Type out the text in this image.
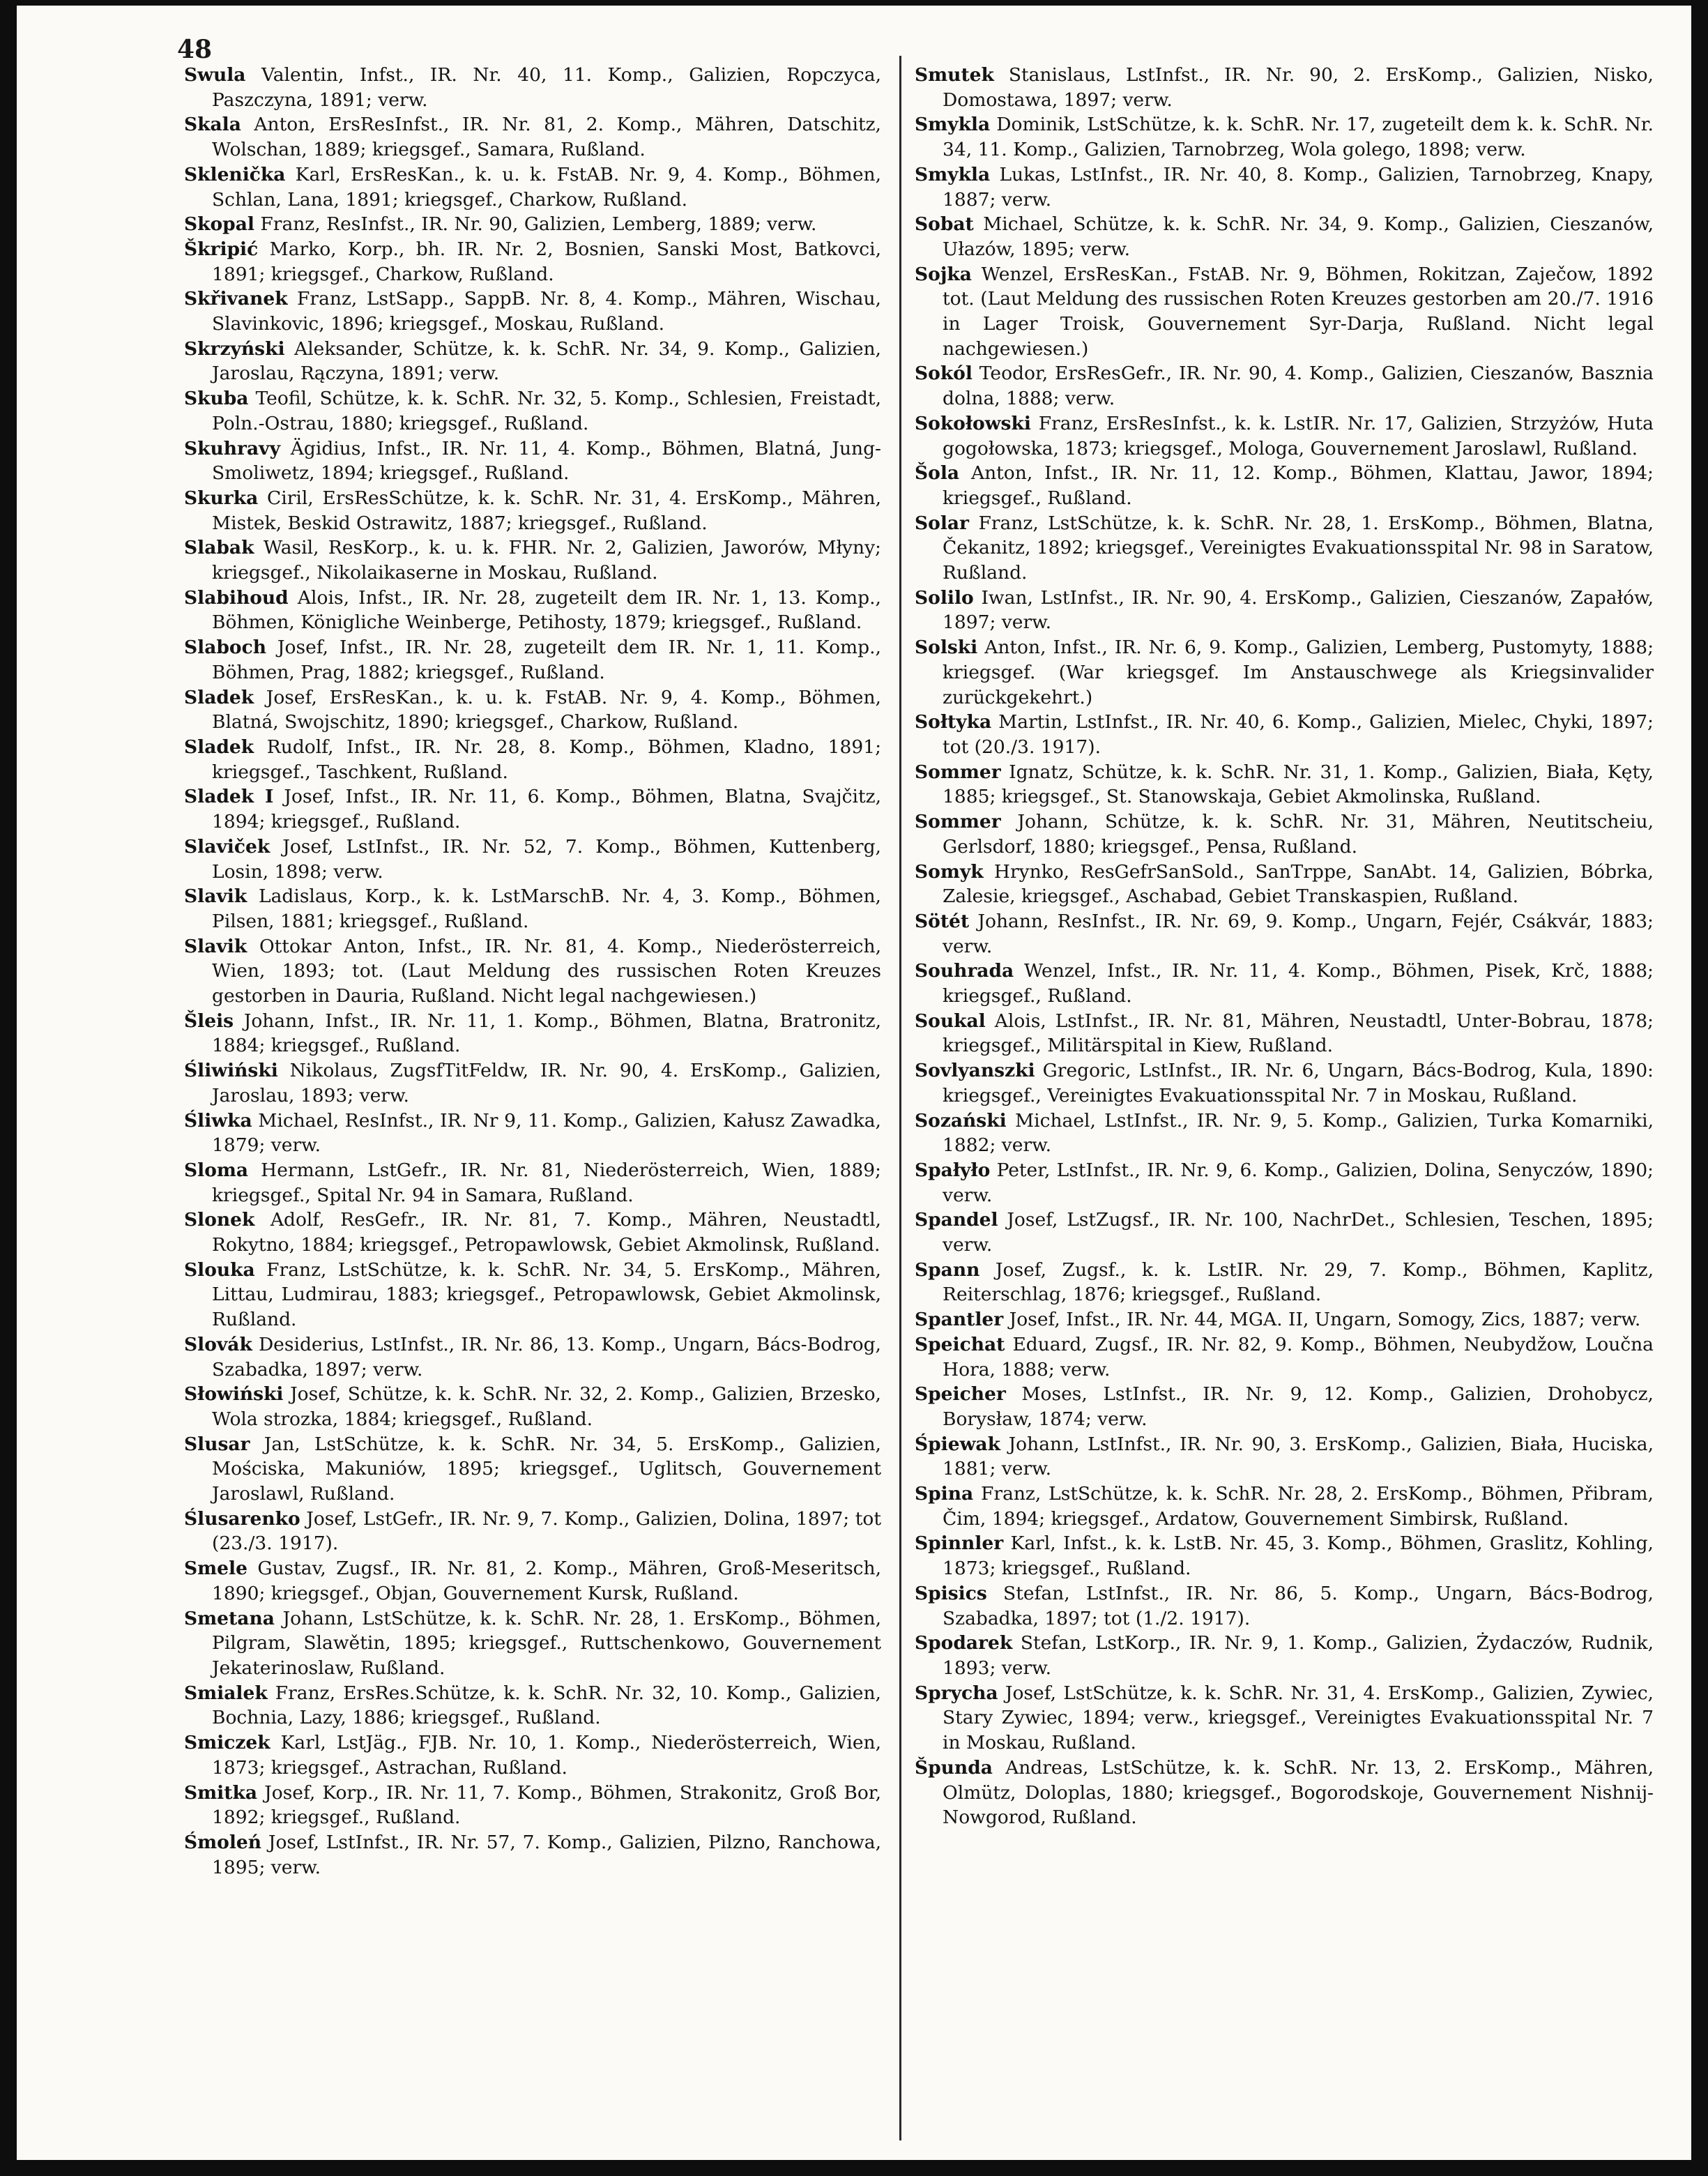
48
Swula Valentin, Infst., IR. Nr. 40, 11. Komp., Galizien, Ropczyca, Paszczyna, 1891; verw.
Skala Anton, ErsResInfst., IR. Nr. 81, 2. Komp., Mähren, Datschitz, Wolschan, 1889; kriegsgef., Samara, Rußland.
Sklenička Karl, ErsResKan., k. u. k. FstAB. Nr. 9, 4. Komp., Böhmen, Schlan, Lana, 1891; kriegsgef., Charkow, Rußland.
Skopal Franz, ResInfst., IR. Nr. 90, Galizien, Lemberg, 1889; verw.
Škripić Marko, Korp., bh. IR. Nr. 2, Bosnien, Sanski Most, Batkovci, 1891; kriegsgef., Charkow, Rußland.
Skřivanek Franz, LstSapp., SappB. Nr. 8, 4. Komp., Mähren, Wischau, Slavinkovic, 1896; kriegsgef., Moskau, Rußland.
Skrzyński Aleksander, Schütze, k. k. SchR. Nr. 34, 9. Komp., Galizien, Jaroslau, Rączyna, 1891; verw.
Skuba Teofil, Schütze, k. k. SchR. Nr. 32, 5. Komp., Schlesien, Freistadt, Poln.-Ostrau, 1880; kriegsgef., Rußland.
Skuhravy Ägidius, Infst., IR. Nr. 11, 4. Komp., Böhmen, Blatná, Jung-Smoliwetz, 1894; kriegsgef., Rußland.
Skurka Ciril, ErsResSchütze, k. k. SchR. Nr. 31, 4. ErsKomp., Mähren, Mistek, Beskid Ostrawitz, 1887; kriegsgef., Rußland.
Slabak Wasil, ResKorp., k. u. k. FHR. Nr. 2, Galizien, Jaworów, Młyny; kriegsgef., Nikolaikaserne in Moskau, Rußland.
Slabihoud Alois, Infst., IR. Nr. 28, zugeteilt dem IR. Nr. 1, 13. Komp., Böhmen, Königliche Weinberge, Petihosty, 1879; kriegsgef., Rußland.
Slaboch Josef, Infst., IR. Nr. 28, zugeteilt dem IR. Nr. 1, 11. Komp., Böhmen, Prag, 1882; kriegsgef., Rußland.
Sladek Josef, ErsResKan., k. u. k. FstAB. Nr. 9, 4. Komp., Böhmen, Blatná, Swojschitz, 1890; kriegsgef., Charkow, Rußland.
Sladek Rudolf, Infst., IR. Nr. 28, 8. Komp., Böhmen, Kladno, 1891; kriegsgef., Taschkent, Rußland.
Sladek I Josef, Infst., IR. Nr. 11, 6. Komp., Böhmen, Blatna, Svajčitz, 1894; kriegsgef., Rußland.
Slaviček Josef, LstInfst., IR. Nr. 52, 7. Komp., Böhmen, Kuttenberg, Losin, 1898; verw.
Slavik Ladislaus, Korp., k. k. LstMarschB. Nr. 4, 3. Komp., Böhmen, Pilsen, 1881; kriegsgef., Rußland.
Slavik Ottokar Anton, Infst., IR. Nr. 81, 4. Komp., Niederösterreich, Wien, 1893; tot. (Laut Meldung des russischen Roten Kreuzes gestorben in Dauria, Rußland. Nicht legal nachgewiesen.)
Šleis Johann, Infst., IR. Nr. 11, 1. Komp., Böhmen, Blatna, Bratronitz, 1884; kriegsgef., Rußland.
Śliwiński Nikolaus, ZugsfTitFeldw, IR. Nr. 90, 4. ErsKomp., Galizien, Jaroslau, 1893; verw.
Śliwka Michael, ResInfst., IR. Nr 9, 11. Komp., Galizien, Kałusz Zawadka, 1879; verw.
Sloma Hermann, LstGefr., IR. Nr. 81, Niederösterreich, Wien, 1889; kriegsgef., Spital Nr. 94 in Samara, Rußland.
Slonek Adolf, ResGefr., IR. Nr. 81, 7. Komp., Mähren, Neustadtl, Rokytno, 1884; kriegsgef., Petropawlowsk, Gebiet Akmolinsk, Rußland.
Slouka Franz, LstSchütze, k. k. SchR. Nr. 34, 5. ErsKomp., Mähren, Littau, Ludmirau, 1883; kriegsgef., Petropawlowsk, Gebiet Akmolinsk, Rußland.
Slovák Desiderius, LstInfst., IR. Nr. 86, 13. Komp., Ungarn, Bács-Bodrog, Szabadka, 1897; verw.
Słowiński Josef, Schütze, k. k. SchR. Nr. 32, 2. Komp., Galizien, Brzesko, Wola strozka, 1884; kriegsgef., Rußland.
Slusar Jan, LstSchütze, k. k. SchR. Nr. 34, 5. ErsKomp., Galizien, Mościska, Makuniów, 1895; kriegsgef., Uglitsch, Gouvernement Jaroslawl, Rußland.
Ślusarenko Josef, LstGefr., IR. Nr. 9, 7. Komp., Galizien, Dolina, 1897; tot (23./3. 1917).
Smele Gustav, Zugsf., IR. Nr. 81, 2. Komp., Mähren, Groß-Meseritsch, 1890; kriegsgef., Objan, Gouvernement Kursk, Rußland.
Smetana Johann, LstSchütze, k. k. SchR. Nr. 28, 1. ErsKomp., Böhmen, Pilgram, Slawětin, 1895; kriegsgef., Ruttschenkowo, Gouvernement Jekaterinoslaw, Rußland.
Smialek Franz, ErsRes.Schütze, k. k. SchR. Nr. 32, 10. Komp., Galizien, Bochnia, Lazy, 1886; kriegsgef., Rußland.
Smiczek Karl, LstJäg., FJB. Nr. 10, 1. Komp., Niederösterreich, Wien, 1873; kriegsgef., Astrachan, Rußland.
Smitka Josef, Korp., IR. Nr. 11, 7. Komp., Böhmen, Strakonitz, Groß Bor, 1892; kriegsgef., Rußland.
Śmoleń Josef, LstInfst., IR. Nr. 57, 7. Komp., Galizien, Pilzno, Ranchowa, 1895; verw.
Smutek Stanislaus, LstInfst., IR. Nr. 90, 2. ErsKomp., Galizien, Nisko, Domostawa, 1897; verw.
Smykla Dominik, LstSchütze, k. k. SchR. Nr. 17, zugeteilt dem k. k. SchR. Nr. 34, 11. Komp., Galizien, Tarnobrzeg, Wola golego, 1898; verw.
Smykla Lukas, LstInfst., IR. Nr. 40, 8. Komp., Galizien, Tarnobrzeg, Knapy, 1887; verw.
Sobat Michael, Schütze, k. k. SchR. Nr. 34, 9. Komp., Galizien, Cieszanów, Ułazów, 1895; verw.
Sojka Wenzel, ErsResKan., FstAB. Nr. 9, Böhmen, Rokitzan, Zaječow, 1892 tot. (Laut Meldung des russischen Roten Kreuzes gestorben am 20./7. 1916 in Lager Troisk, Gouvernement Syr-Darja, Rußland. Nicht legal nachgewiesen.)
Sokól Teodor, ErsResGefr., IR. Nr. 90, 4. Komp., Galizien, Cieszanów, Basznia dolna, 1888; verw.
Sokołowski Franz, ErsResInfst., k. k. LstIR. Nr. 17, Galizien, Strzyżów, Huta gogołowska, 1873; kriegsgef., Mologa, Gouvernement Jaroslawl, Rußland.
Šola Anton, Infst., IR. Nr. 11, 12. Komp., Böhmen, Klattau, Jawor, 1894; kriegsgef., Rußland.
Solar Franz, LstSchütze, k. k. SchR. Nr. 28, 1. ErsKomp., Böhmen, Blatna, Čekanitz, 1892; kriegsgef., Vereinigtes Evakuationsspital Nr. 98 in Saratow, Rußland.
Solilo Iwan, LstInfst., IR. Nr. 90, 4. ErsKomp., Galizien, Cieszanów, Zapałów, 1897; verw.
Solski Anton, Infst., IR. Nr. 6, 9. Komp., Galizien, Lemberg, Pustomyty, 1888; kriegsgef. (War kriegsgef. Im Anstauschwege als Kriegsinvalider zurückgekehrt.)
Sołtyka Martin, LstInfst., IR. Nr. 40, 6. Komp., Galizien, Mielec, Chyki, 1897; tot (20./3. 1917).
Sommer Ignatz, Schütze, k. k. SchR. Nr. 31, 1. Komp., Galizien, Biała, Kęty, 1885; kriegsgef., St. Stanowskaja, Gebiet Akmolinska, Rußland.
Sommer Johann, Schütze, k. k. SchR. Nr. 31, Mähren, Neutitscheiu, Gerlsdorf, 1880; kriegsgef., Pensa, Rußland.
Somyk Hrynko, ResGefrSanSold., SanTrppe, SanAbt. 14, Galizien, Bóbrka, Zalesie, kriegsgef., Aschabad, Gebiet Transkaspien, Rußland.
Sötét Johann, ResInfst., IR. Nr. 69, 9. Komp., Ungarn, Fejér, Csákvár, 1883; verw.
Souhrada Wenzel, Infst., IR. Nr. 11, 4. Komp., Böhmen, Pisek, Krč, 1888; kriegsgef., Rußland.
Soukal Alois, LstInfst., IR. Nr. 81, Mähren, Neustadtl, Unter-Bobrau, 1878; kriegsgef., Militärspital in Kiew, Rußland.
Sovlyanszki Gregoric, LstInfst., IR. Nr. 6, Ungarn, Bács-Bodrog, Kula, 1890: kriegsgef., Vereinigtes Evakuationsspital Nr. 7 in Moskau, Rußland.
Sozański Michael, LstInfst., IR. Nr. 9, 5. Komp., Galizien, Turka Komarniki, 1882; verw.
Spałyło Peter, LstInfst., IR. Nr. 9, 6. Komp., Galizien, Dolina, Senyczów, 1890; verw.
Spandel Josef, LstZugsf., IR. Nr. 100, NachrDet., Schlesien, Teschen, 1895; verw.
Spann Josef, Zugsf., k. k. LstIR. Nr. 29, 7. Komp., Böhmen, Kaplitz, Reiterschlag, 1876; kriegsgef., Rußland.
Spantler Josef, Infst., IR. Nr. 44, MGA. II, Ungarn, Somogy, Zics, 1887; verw.
Speichat Eduard, Zugsf., IR. Nr. 82, 9. Komp., Böhmen, Neubydžow, Loučna Hora, 1888; verw.
Speicher Moses, LstInfst., IR. Nr. 9, 12. Komp., Galizien, Drohobycz, Borysław, 1874; verw.
Śpiewak Johann, LstInfst., IR. Nr. 90, 3. ErsKomp., Galizien, Biała, Huciska, 1881; verw.
Spina Franz, LstSchütze, k. k. SchR. Nr. 28, 2. ErsKomp., Böhmen, Přibram, Čim, 1894; kriegsgef., Ardatow, Gouvernement Simbirsk, Rußland.
Spinnler Karl, Infst., k. k. LstB. Nr. 45, 3. Komp., Böhmen, Graslitz, Kohling, 1873; kriegsgef., Rußland.
Spisics Stefan, LstInfst., IR. Nr. 86, 5. Komp., Ungarn, Bács-Bodrog, Szabadka, 1897; tot (1./2. 1917).
Spodarek Stefan, LstKorp., IR. Nr. 9, 1. Komp., Galizien, Żydaczów, Rudnik, 1893; verw.
Sprycha Josef, LstSchütze, k. k. SchR. Nr. 31, 4. ErsKomp., Galizien, Zywiec, Stary Zywiec, 1894; verw., kriegsgef., Vereinigtes Evakuationsspital Nr. 7 in Moskau, Rußland.
Špunda Andreas, LstSchütze, k. k. SchR. Nr. 13, 2. ErsKomp., Mähren, Olmütz, Doloplas, 1880; kriegsgef., Bogorodskoje, Gouvernement Nishnij-Nowgorod, Rußland.
